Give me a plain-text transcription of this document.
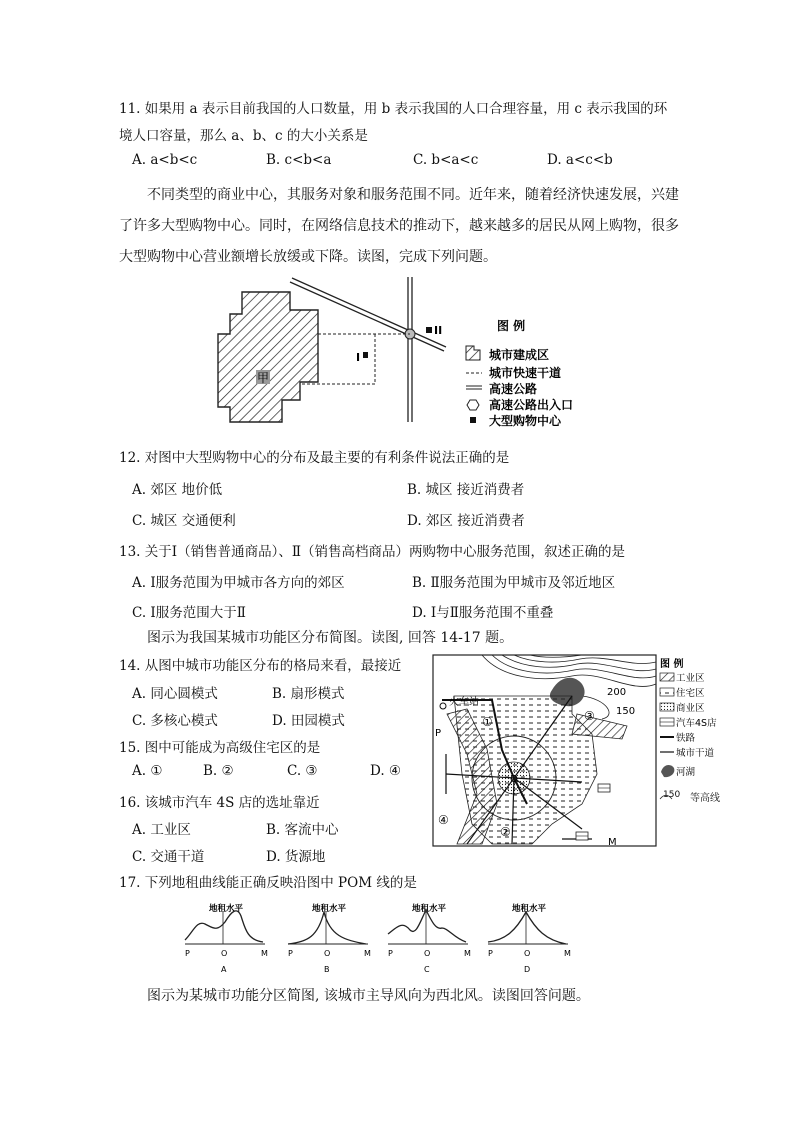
11. 如果用 a 表示目前我国的人口数量，用 b 表示我国的人口合理容量，用 c 表示我国的环
境人口容量，那么 a、b、c 的大小关系是
A. a<b<c	B. c<b<a	C. b<a<c	D. a<c<b
不同类型的商业中心，其服务对象和服务范围不同。近年来，随着经济快速发展，兴建
了许多大型购物中心。同时，在网络信息技术的推动下，越来越多的居民从网上购物，很多
大型购物中心营业额增长放缓或下降。读图，完成下列问题。
甲
I
II	图 例
城市建成区
城市快速干道
高速公路
高速公路出入口
大型购物中心
12. 对图中大型购物中心的分布及最主要的有利条件说法正确的是
A. 郊区 地价低	B. 城区 接近消费者
C. 城区 交通便利	D. 郊区 接近消费者
13. 关于Ⅰ（销售普通商品）、Ⅱ（销售高档商品）两购物中心服务范围，叙述正确的是
A. Ⅰ服务范围为甲城市各方向的郊区	B. Ⅱ服务范围为甲城市及邻近地区
C. Ⅰ服务范围大于Ⅱ	D. Ⅰ与Ⅱ服务范围不重叠
图示为我国某城市功能区分布简图。读图, 回答 14-17 题。
14. 从图中城市功能区分布的格局来看，最接近
A. 同心圆模式	B. 扇形模式
C. 多核心模式	D. 田园模式
15. 图中可能成为高级住宅区的是
A. ①	B. ②	C. ③	D. ④
16. 该城市汽车 4S 店的选址靠近
A. 工业区	B. 客流中心
C. 交通干道	D. 货源地
200
150
火车站
①
②
③
④
P
O
M
图 例
工业区
住宅区
商业区
汽车4S店
铁路
城市干道
河湖
150 等高线
17. 下列地租曲线能正确反映沿图中 POM 线的是
地租水平
P	O	M
A
地租水平
P	O	M
B
地租水平
P	O	M
C
地租水平
P	O	M
D
图示为某城市功能分区简图, 该城市主导风向为西北风。读图回答问题。
